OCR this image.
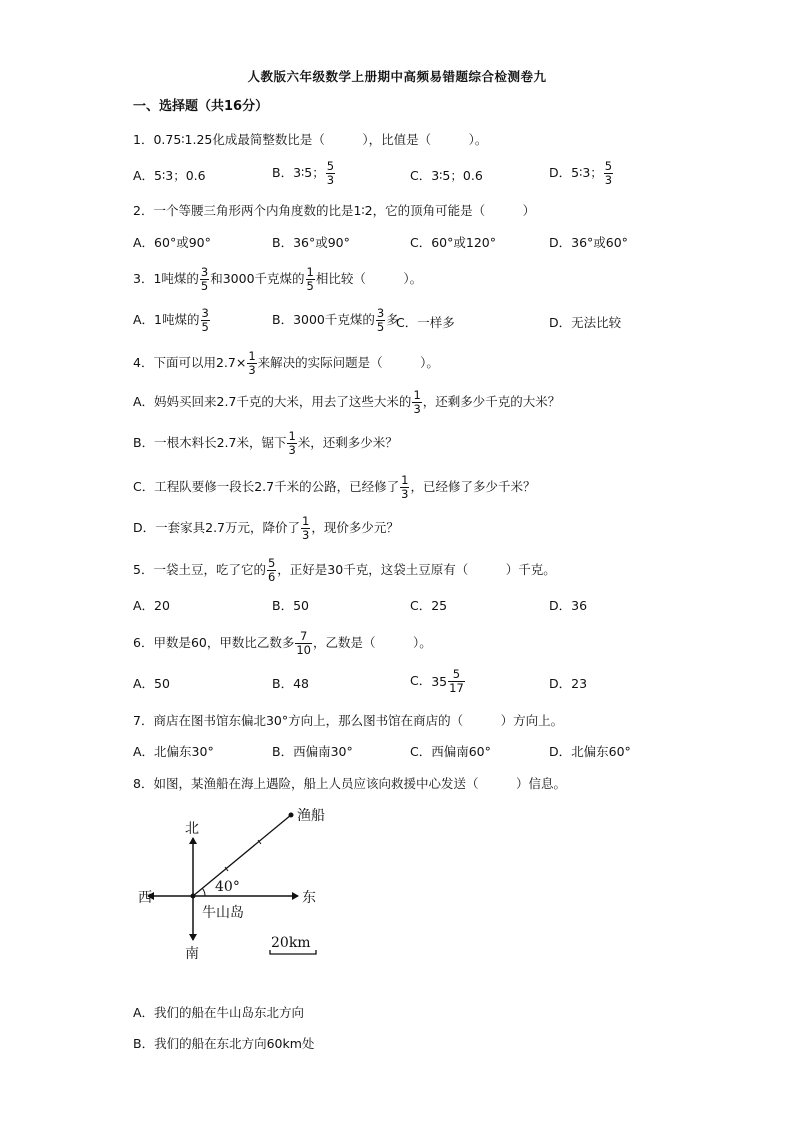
人教版六年级数学上册期中高频易错题综合检测卷九
一、选择题（共16分）
1．0.75∶1.25化成最简整数比是（　　　），比值是（　　　）。
A．5∶3；0.6	B．3∶5； $\frac{5}{3}$	C．3∶5；0.6	D．5∶3； $\frac{5}{3}$
2．一个等腰三角形两个内角度数的比是1∶2，它的顶角可能是（　　　）
A．60°或90°	B．36°或90°	C．60°或120°	D．36°或60°
3．1吨煤的 $\frac{3}{5}$ 和3000千克煤的 $\frac{1}{5}$ 相比较（　　　）。
A．1吨煤的 $\frac{3}{5}$	B．3000千克煤的 $\frac{3}{5}$ 多
C．一样多	D．无法比较
4．下面可以用$2.7\times \frac{1}{3}$ 来解决的实际问题是（　　　）。
A．妈妈买回来2.7千克的大米，用去了这些大米的 $\frac{1}{3}$ ，还剩多少千克的大米？
B．一根木料长2.7米，锯下 $\frac{1}{3}$ 米，还剩多少米？
C．工程队要修一段长2.7千米的公路，已经修了 $\frac{1}{3}$ ，已经修了多少千米？
D．一套家具2.7万元，降价了 $\frac{1}{3}$ ，现价多少元？
5．一袋土豆，吃了它的 $\frac{5}{6}$ ，正好是30千克，这袋土豆原有（　　　）千克。
A．20	B．50	C．25	D．36
6．甲数是60，甲数比乙数多 $\frac{7}{10}$ ，乙数是（　　　）。
A．50	B．48	C．$35 \frac{5}{17}$	D．23
7．商店在图书馆东偏北30°方向上，那么图书馆在商店的（　　　）方向上。
A．北偏东30°	B．西偏南30°	C．西偏南60°	D．北偏东60°
8．如图，某渔船在海上遇险，船上人员应该向救援中心发送（　　　）信息。
北
南
东
西
渔船
牛山岛
40°
20km
A．我们的船在牛山岛东北方向
B．我们的船在东北方向60km处
